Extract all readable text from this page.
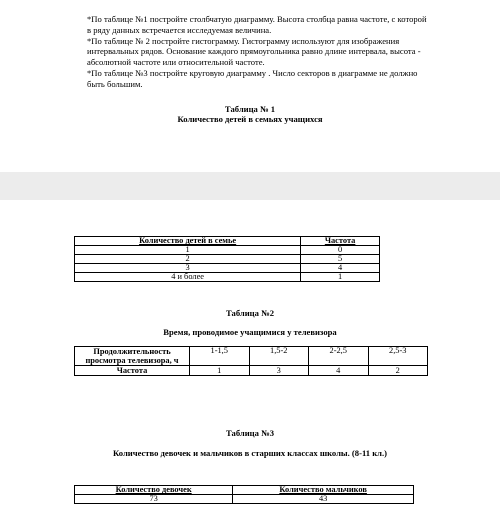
*По таблице №1 постройте столбчатую диаграмму. Высота столбца равна частоте, с которой в ряду данных встречается исследуемая величина.

*По таблице № 2 постройте гистограмму. Гистограмму используют для изображения интервальных рядов. Основание каждого прямоугольника равно длине интервала, высота - абсолютной частоте или относительной частоте.

*По таблице №3 постройте круговую диаграмму . Число секторов в диаграмме не должно быть большим.

Таблица № 1
Количество детей в семьях учащихся
Количество детей в семье	Частота
1	0
2	5
3	4
4 и более	1
Таблица №2
Время, проводимое учащимися у телевизора
Продолжительность просмотра телевизора, ч	1-1,5	1,5-2	2-2,5	2,5-3
Частота	1	3	4	2
Таблица №3
Количество девочек и мальчиков в старших классах школы. (8-11 кл.)
Количество девочек	Количество мальчиков
73	43
